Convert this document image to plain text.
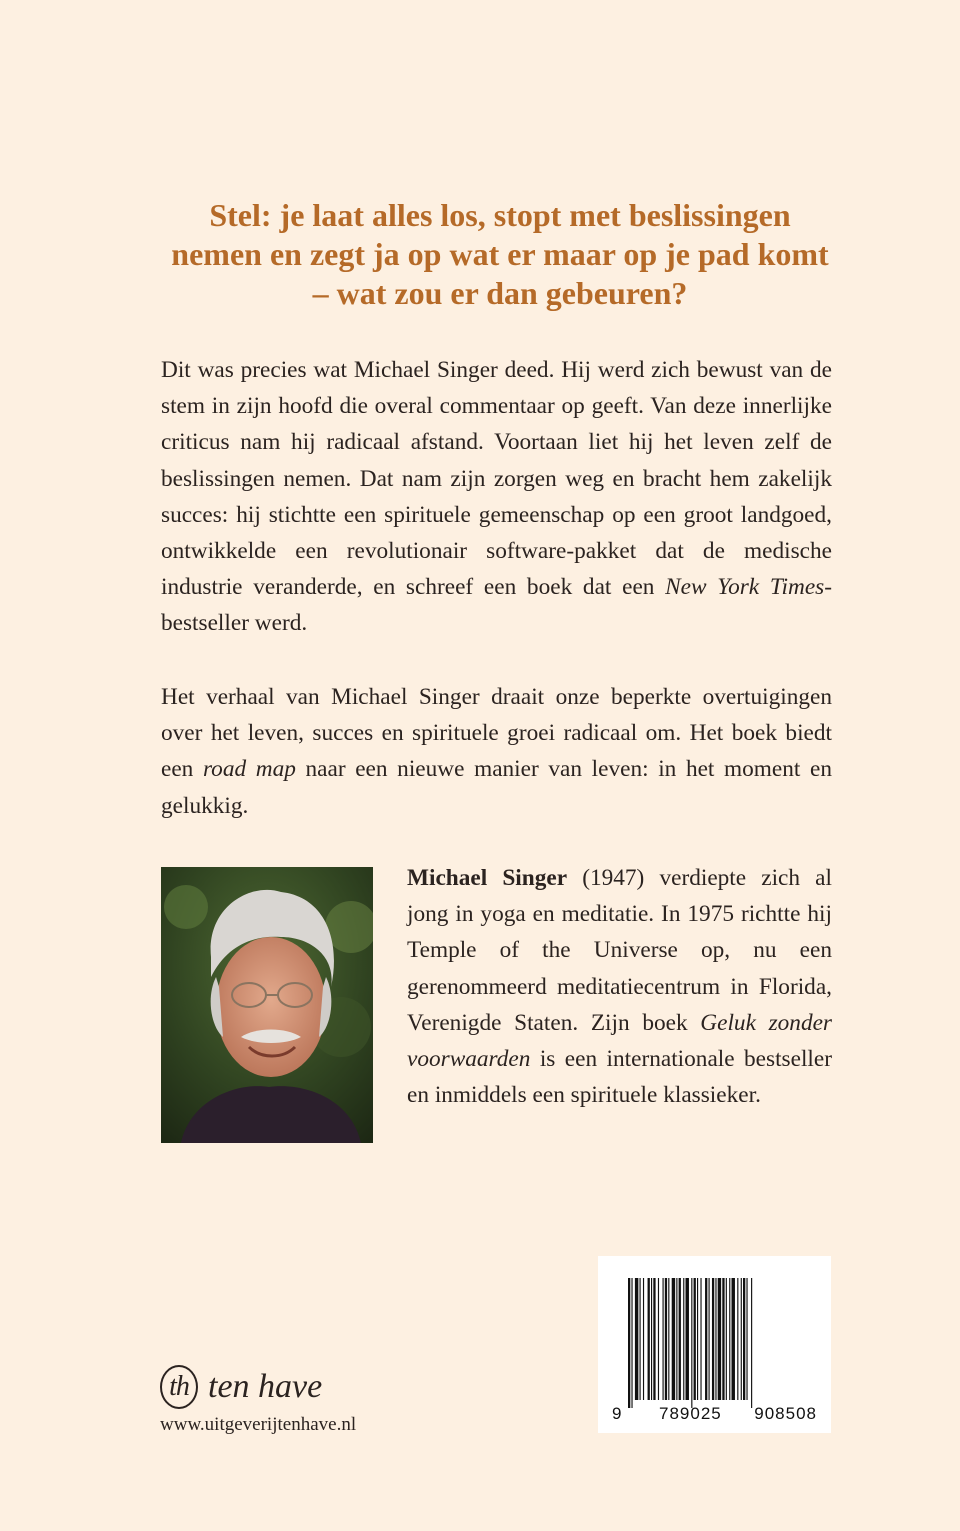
Stel: je laat alles los, stopt met beslissingen
nemen en zegt ja op wat er maar op je pad komt
– wat zou er dan gebeuren?

Dit was precies wat Michael Singer deed. Hij werd zich bewust van de stem in zijn hoofd die overal commentaar op geeft. Van deze innerlijke criticus nam hij radicaal afstand. Voortaan liet hij het leven zelf de beslissingen nemen. Dat nam zijn zorgen weg en bracht hem zakelijk succes: hij stichtte een spirituele gemeenschap op een groot landgoed, ontwikkelde een revolutionair software-pakket dat de medische industrie veranderde, en schreef een boek dat een New York Times-bestseller werd.

Het verhaal van Michael Singer draait onze beperkte overtuigingen over het leven, succes en spirituele groei radicaal om. Het boek biedt een road map naar een nieuwe manier van leven: in het moment en gelukkig.

Michael Singer (1947) verdiepte zich al jong in yoga en meditatie. In 1975 richtte hij Temple of the Universe op, nu een gerenommeerd meditatiecentrum in Florida, Verenigde Staten. Zijn boek Geluk zonder voorwaarden is een internationale bestseller en inmiddels een spirituele klassieker.

th ten have
www.uitgeverijtenhave.nl
9 789025 908508
